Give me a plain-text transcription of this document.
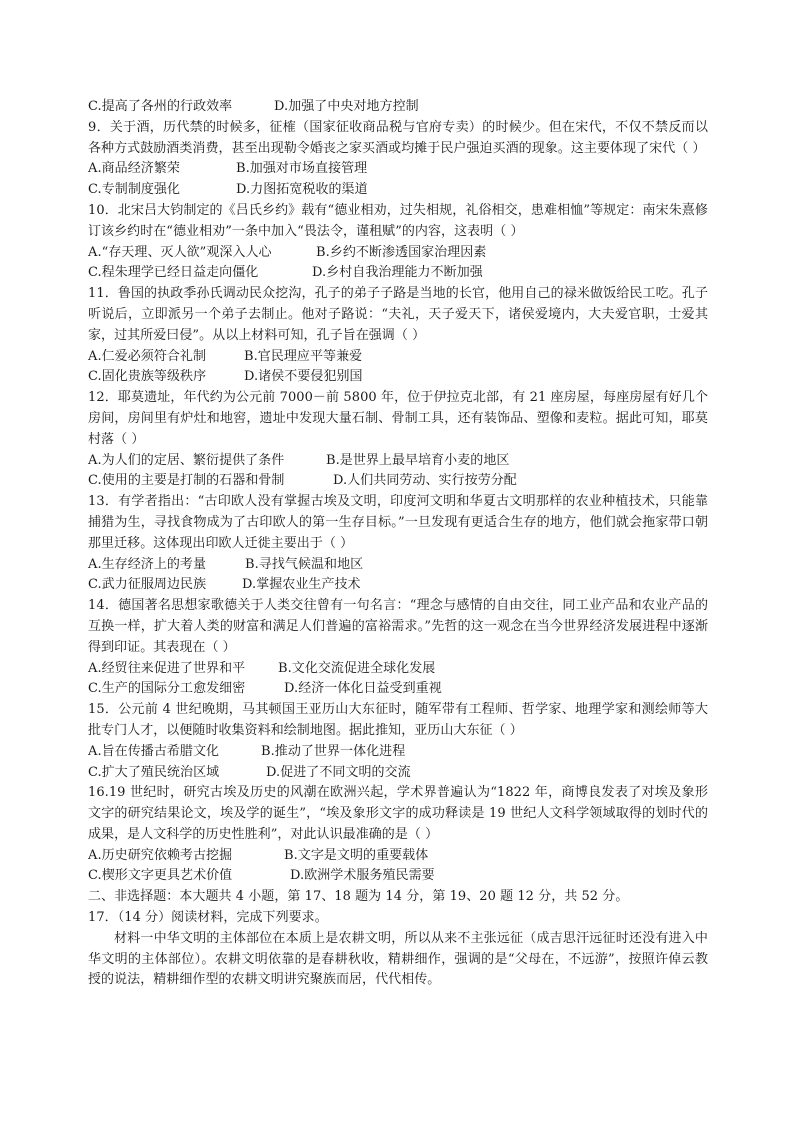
C.提高了各州的行政效率	D.加强了中央对地方控制

9．关于酒，历代禁的时候多，征榷（国家征收商品税与官府专卖）的时候少。但在宋代，不仅不禁反而以各种方式鼓励酒类消费，甚至出现勒令婚丧之家买酒或均摊于民户强迫买酒的现象。这主要体现了宋代（ ）

A.商品经济繁荣	B.加强对市场直接管理
C.专制制度强化	D.力图拓宽税收的渠道

10．北宋吕大钧制定的《吕氏乡约》载有“德业相劝，过失相规，礼俗相交，患难相恤”等规定：南宋朱熹修订该乡约时在“德业相劝”一条中加入“畏法令，谨租赋”的内容，这表明（ ）

A.“存天理、灭人欲”观深入人心	B.乡约不断渗透国家治理因素
C.程朱理学已经日益走向僵化	D.乡村自我治理能力不断加强

11．鲁国的执政季孙氏调动民众挖沟，孔子的弟子子路是当地的长官，他用自己的禄米做饭给民工吃。孔子听说后，立即派另一个弟子去制止。他对子路说：“夫礼，天子爱天下，诸侯爱境内，大夫爱官职，士爱其家，过其所爱曰侵”。从以上材料可知，孔子旨在强调（ ）

A.仁爱必须符合礼制	B.官民理应平等兼爱
C.固化贵族等级秩序	D.诸侯不要侵犯别国

12．耶莫遗址，年代约为公元前 7000－前 5800 年，位于伊拉克北部，有 21 座房屋，每座房屋有好几个房间，房间里有炉灶和地窖，遗址中发现大量石制、骨制工具，还有装饰品、塑像和麦粒。据此可知，耶莫村落（ ）

A.为人们的定居、繁衍提供了条件	B.是世界上最早培育小麦的地区
C.使用的主要是打制的石器和骨制	D.人们共同劳动、实行按劳分配

13．有学者指出：“古印欧人没有掌握古埃及文明，印度河文明和华夏古文明那样的农业种植技术，只能靠捕猎为生，寻找食物成为了古印欧人的第一生存目标。”一旦发现有更适合生存的地方，他们就会拖家带口朝那里迁移。这体现出印欧人迁徙主要出于（ ）

A.生存经济上的考量	B.寻找气候温和地区
C.武力征服周边民族	D.掌握农业生产技术

14．德国著名思想家歌德关于人类交往曾有一句名言：“理念与感情的自由交往，同工业产品和农业产品的互换一样，扩大着人类的财富和满足人们普遍的富裕需求。”先哲的这一观念在当今世界经济发展进程中逐渐得到印证。其表现在（ ）

A.经贸往来促进了世界和平	B.文化交流促进全球化发展
C.生产的国际分工愈发细密	D.经济一体化日益受到重视

15．公元前 4 世纪晚期，马其顿国王亚历山大东征时，随军带有工程师、哲学家、地理学家和测绘师等大批专门人才，以便随时收集资料和绘制地图。据此推知，亚历山大东征（ ）

A.旨在传播古希腊文化	B.推动了世界一体化进程
C.扩大了殖民统治区域	D.促进了不同文明的交流

16.19 世纪时，研究古埃及历史的风潮在欧洲兴起，学术界普遍认为“1822 年，商博良发表了对埃及象形文字的研究结果论文，埃及学的诞生”，“埃及象形文字的成功释读是 19 世纪人文科学领域取得的划时代的成果，是人文科学的历史性胜利”，对此认识最准确的是（ ）

A.历史研究依赖考古挖掘	B.文字是文明的重要载体
C.楔形文字更具艺术价值	D.欧洲学术服务殖民需要
二、非选择题：本大题共 4 小题，第 17、18 题为 14 分，第 19、20 题 12 分，共 52 分。
17．（14 分）阅读材料，完成下列要求。

材料一中华文明的主体部位在本质上是农耕文明，所以从来不主张远征（成吉思汗远征时还没有进入中华文明的主体部位）。农耕文明依靠的是春耕秋收，精耕细作，强调的是“父母在，不远游”，按照许倬云教授的说法，精耕细作型的农耕文明讲究聚族而居，代代相传。
